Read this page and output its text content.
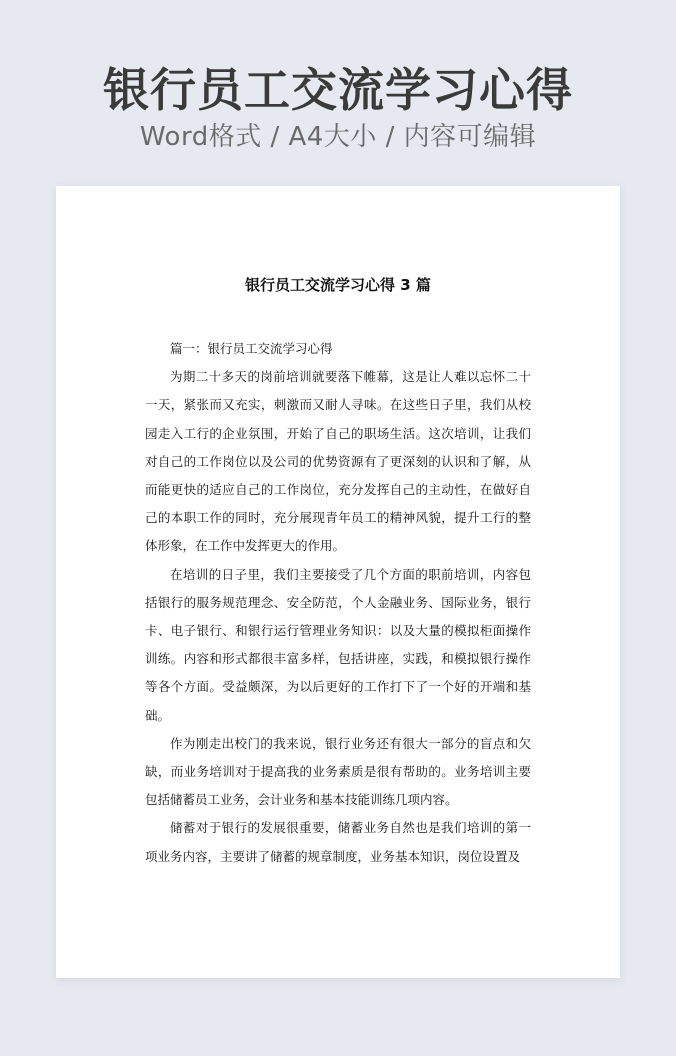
银行员工交流学习心得
Word格式 / A4大小 / 内容可编辑
银行员工交流学习心得 3 篇

篇一：银行员工交流学习心得

为期二十多天的岗前培训就要落下帷幕，这是让人难以忘怀二十一天，紧张而又充实，刺激而又耐人寻味。在这些日子里，我们从校园走入工行的企业氛围，开始了自己的职场生活。这次培训，让我们对自己的工作岗位以及公司的优势资源有了更深刻的认识和了解，从而能更快的适应自己的工作岗位，充分发挥自己的主动性，在做好自己的本职工作的同时，充分展现青年员工的精神风貌，提升工行的整体形象，在工作中发挥更大的作用。

在培训的日子里，我们主要接受了几个方面的职前培训，内容包括银行的服务规范理念、安全防范，个人金融业务、国际业务，银行卡、电子银行、和银行运行管理业务知识：以及大量的模拟柜面操作训练。内容和形式都很丰富多样，包括讲座，实践，和模拟银行操作等各个方面。受益颇深，为以后更好的工作打下了一个好的开端和基础。

作为刚走出校门的我来说，银行业务还有很大一部分的盲点和欠缺，而业务培训对于提高我的业务素质是很有帮助的。业务培训主要包括储蓄员工业务，会计业务和基本技能训练几项内容。

储蓄对于银行的发展很重要，储蓄业务自然也是我们培训的第一项业务内容，主要讲了储蓄的规章制度，业务基本知识，岗位设置及
